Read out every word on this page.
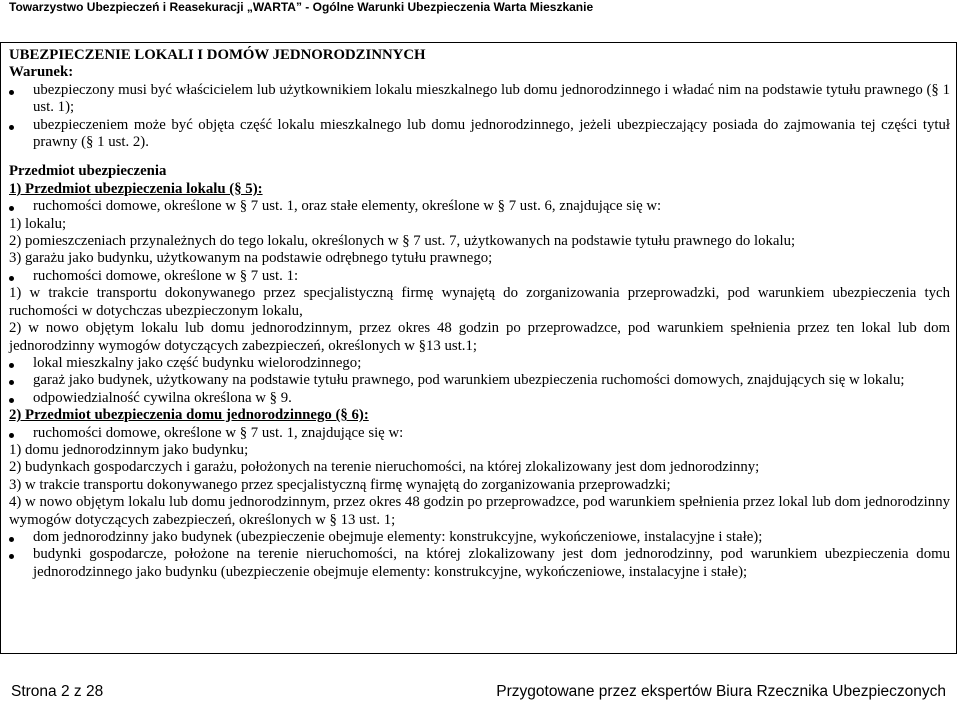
Towarzystwo Ubezpieczeń i Reasekuracji „WARTA” - Ogólne Warunki Ubezpieczenia Warta Mieszkanie

UBEZPIECZENIE LOKALI I DOMÓW JEDNORODZINNYCH

Warunek:

ubezpieczony musi być właścicielem lub użytkownikiem lokalu mieszkalnego lub domu jednorodzinnego i władać nim na podstawie tytułu prawnego (§ 1 ust. 1);

ubezpieczeniem może być objęta część lokalu mieszkalnego lub domu jednorodzinnego, jeżeli ubezpieczający posiada do zajmowania tej części tytuł prawny (§ 1 ust. 2).

Przedmiot ubezpieczenia

1) Przedmiot ubezpieczenia lokalu (§ 5):

ruchomości domowe, określone w § 7 ust. 1, oraz stałe elementy, określone w § 7 ust. 6, znajdujące się w:

1) lokalu;

2) pomieszczeniach przynależnych do tego lokalu, określonych w § 7 ust. 7, użytkowanych na podstawie tytułu prawnego do lokalu;

3) garażu jako budynku, użytkowanym na podstawie odrębnego tytułu prawnego;

ruchomości domowe, określone w § 7 ust. 1:

1) w trakcie transportu dokonywanego przez specjalistyczną firmę wynajętą do zorganizowania przeprowadzki, pod warunkiem ubezpieczenia tych ruchomości w dotychczas ubezpieczonym lokalu,

2) w nowo objętym lokalu lub domu jednorodzinnym, przez okres 48 godzin po przeprowadzce, pod warunkiem spełnienia przez ten lokal lub dom jednorodzinny wymogów dotyczących zabezpieczeń, określonych w §13 ust.1;

lokal mieszkalny jako część budynku wielorodzinnego;

garaż jako budynek, użytkowany na podstawie tytułu prawnego, pod warunkiem ubezpieczenia ruchomości domowych, znajdujących się w lokalu;

odpowiedzialność cywilna określona w § 9.

2) Przedmiot ubezpieczenia domu jednorodzinnego (§ 6):

ruchomości domowe, określone w § 7 ust. 1, znajdujące się w:

1) domu jednorodzinnym jako budynku;

2) budynkach gospodarczych i garażu, położonych na terenie nieruchomości, na której zlokalizowany jest dom jednorodzinny;

3) w trakcie transportu dokonywanego przez specjalistyczną firmę wynajętą do zorganizowania przeprowadzki;

4) w nowo objętym lokalu lub domu jednorodzinnym, przez okres 48 godzin po przeprowadzce, pod warunkiem spełnienia przez lokal lub dom jednorodzinny wymogów dotyczących zabezpieczeń, określonych w § 13 ust. 1;

dom jednorodzinny jako budynek (ubezpieczenie obejmuje elementy: konstrukcyjne, wykończeniowe, instalacyjne i stałe);

budynki gospodarcze, położone na terenie nieruchomości, na której zlokalizowany jest dom jednorodzinny, pod warunkiem ubezpieczenia domu jednorodzinnego jako budynku (ubezpieczenie obejmuje elementy: konstrukcyjne, wykończeniowe, instalacyjne i stałe);

Strona 2 z 28	Przygotowane przez ekspertów Biura Rzecznika Ubezpieczonych
